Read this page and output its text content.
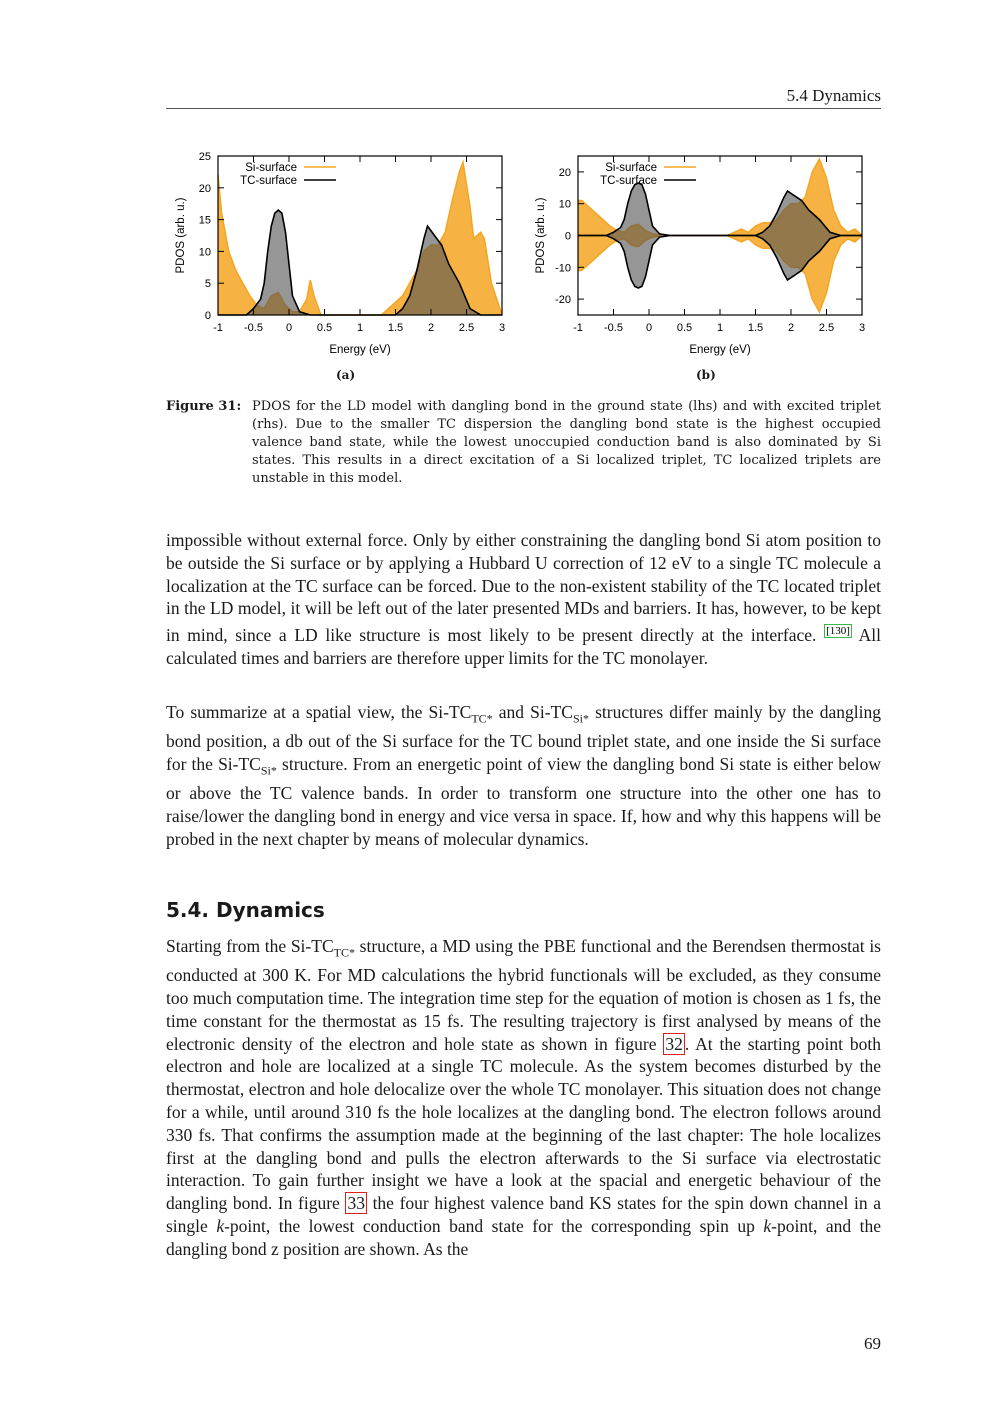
5.4 Dynamics
-1 -0.5 0 0.5 1 1.5 2 2.5 3
0
5
10
15
20
25
Energy (eV)
PDOS (arb. u.)
Si-surface
TC-surface
-1 -0.5 0 0.5 1 1.5 2 2.5 3
-20
-10
0
10
20
Energy (eV)
PDOS (arb. u.)
Si-surface
TC-surface
(a)	(b)
Figure 31: PDOS for the LD model with dangling bond in the ground state (lhs) and with excited triplet (rhs). Due to the smaller TC dispersion the dangling bond state is the highest occupied valence band state, while the lowest unoccupied conduction band is also dominated by Si states. This results in a direct excitation of a Si localized triplet, TC localized triplets are unstable in this model.

impossible without external force. Only by either constraining the dangling bond Si atom position to be outside the Si surface or by applying a Hubbard U correction of 12 eV to a single TC molecule a localization at the TC surface can be forced. Due to the non-existent stability of the TC located triplet in the LD model, it will be left out of the later presented MDs and barriers. It has, however, to be kept in mind, since a LD like structure is most likely to be present directly at the interface. [130] All calculated times and barriers are therefore upper limits for the TC monolayer.

To summarize at a spatial view, the $Si-TC_{TC*}$ and $Si-TC_{Si*}$ structures differ mainly by the dangling bond position, a db out of the Si surface for the TC bound triplet state, and one inside the Si surface for the $Si-TC_{Si*}$ structure. From an energetic point of view the dangling bond Si state is either below or above the TC valence bands. In order to transform one structure into the other one has to raise/lower the dangling bond in energy and vice versa in space. If, how and why this happens will be probed in the next chapter by means of molecular dynamics.

5.4. Dynamics

Starting from the $Si-TC_{TC*}$ structure, a MD using the PBE functional and the Berendsen thermostat is conducted at 300 K. For MD calculations the hybrid functionals will be excluded, as they consume too much computation time. The integration time step for the equation of motion is chosen as 1 fs, the time constant for the thermostat as 15 fs. The resulting trajectory is first analysed by means of the electronic density of the electron and hole state as shown in figure 32 . At the starting point both electron and hole are localized at a single TC molecule. As the system becomes disturbed by the thermostat, electron and hole delocalize over the whole TC monolayer. This situation does not change for a while, until around 310 fs the hole localizes at the dangling bond. The electron follows around 330 fs. That confirms the assumption made at the beginning of the last chapter: The hole localizes first at the dangling bond and pulls the electron afterwards to the Si surface via electrostatic interaction. To gain further insight we have a look at the spacial and energetic behaviour of the dangling bond. In figure 33 the four highest valence band KS states for the spin down channel in a single k-point, the lowest conduction band state for the corresponding spin up k-point, and the dangling bond z position are shown. As the

69
